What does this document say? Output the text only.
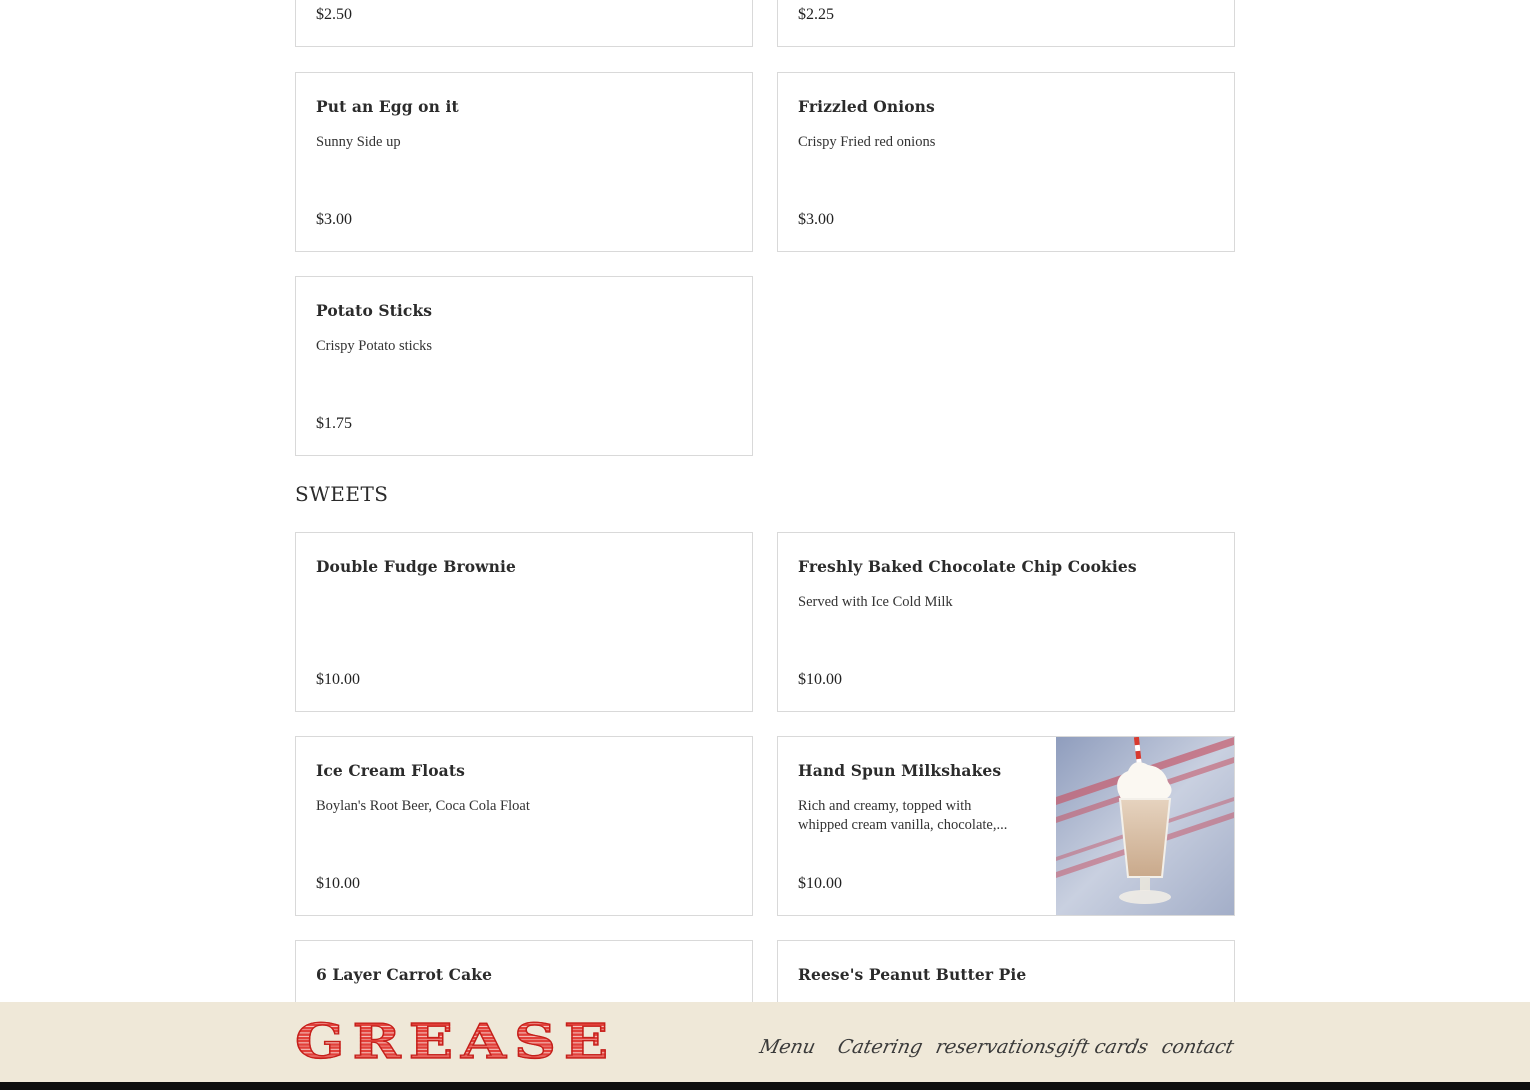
$2.50	$2.25
Put an Egg on it
Sunny Side up
$3.00
Frizzled Onions
Crispy Fried red onions
$3.00
Potato Sticks
Crispy Potato sticks
$1.75
SWEETS
Double Fudge Brownie
$10.00
Freshly Baked Chocolate Chip Cookies
Served with Ice Cold Milk
$10.00
Ice Cream Floats
Boylan's Root Beer, Coca Cola Float
$10.00
Hand Spun Milkshakes
Rich and creamy, topped with whipped cream vanilla, chocolate,...
$10.00
6 Layer Carrot Cake	Reese's Peanut Butter Pie
GREASE	Menu Catering reservations
gift cards contact
